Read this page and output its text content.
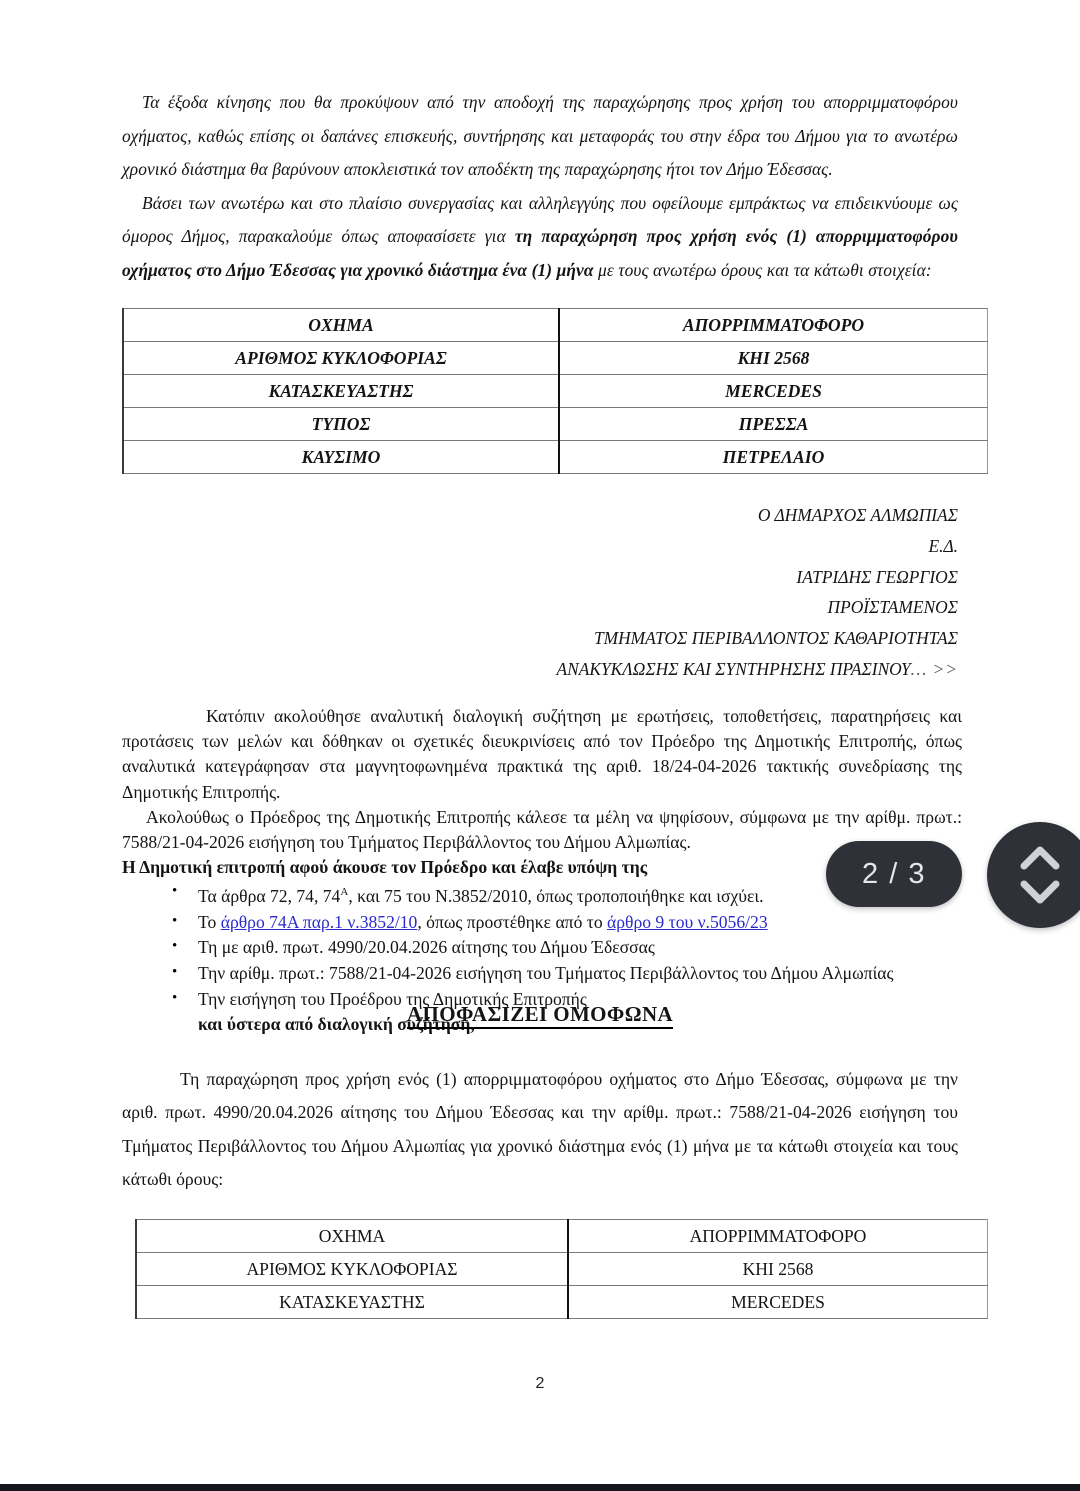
Τα έξοδα κίνησης που θα προκύψουν από την αποδοχή της παραχώρησης προς χρήση του απορριμματοφόρου οχήματος, καθώς επίσης οι δαπάνες επισκευής, συντήρησης και μεταφοράς του στην έδρα του Δήμου για το ανωτέρω χρονικό διάστημα θα βαρύνουν αποκλειστικά τον αποδέκτη της παραχώρησης ήτοι τον Δήμο Έδεσσας.

Βάσει των ανωτέρω και στο πλαίσιο συνεργασίας και αλληλεγγύης που οφείλουμε εμπράκτως να επιδεικνύουμε ως όμορος Δήμος, παρακαλούμε όπως αποφασίσετε για τη παραχώρηση προς χρήση ενός (1) απορριμματοφόρου οχήματος στο Δήμο Έδεσσας για χρονικό διάστημα ένα (1) μήνα με τους ανωτέρω όρους και τα κάτωθι στοιχεία:

ΟΧΗΜΑ	ΑΠΟΡΡΙΜΜΑΤΟΦΟΡΟ
ΑΡΙΘΜΟΣ ΚΥΚΛΟΦΟΡΙΑΣ	ΚΗΙ 2568
ΚΑΤΑΣΚΕΥΑΣΤΗΣ	MERCEDES
ΤΥΠΟΣ	ΠΡΕΣΣΑ
ΚΑΥΣΙΜΟ	ΠΕΤΡΕΛΑΙΟ
Ο ΔΗΜΑΡΧΟΣ ΑΛΜΩΠΙΑΣ
Ε.Δ.
ΙΑΤΡΙΔΗΣ ΓΕΩΡΓΙΟΣ
ΠΡΟΪΣΤΑΜΕΝΟΣ
ΤΜΗΜΑΤΟΣ ΠΕΡΙΒΑΛΛΟΝΤΟΣ ΚΑΘΑΡΙΟΤΗΤΑΣ
ΑΝΑΚΥΚΛΩΣΗΣ ΚΑΙ ΣΥΝΤΗΡΗΣΗΣ ΠΡΑΣΙΝΟΥ… >>

Κατόπιν ακολούθησε αναλυτική διαλογική συζήτηση με ερωτήσεις, τοποθετήσεις, παρατηρήσεις και προτάσεις των μελών και δόθηκαν οι σχετικές διευκρινίσεις από τον Πρόεδρο της Δημοτικής Επιτροπής, όπως αναλυτικά κατεγράφησαν στα μαγνητοφωνημένα πρακτικά της αριθ. 18/24-04-2026 τακτικής συνεδρίασης της Δημοτικής Επιτροπής.

Ακολούθως ο Πρόεδρος της Δημοτικής Επιτροπής κάλεσε τα μέλη να ψηφίσουν, σύμφωνα με την αρίθμ. πρωτ.: 7588/21-04-2026 εισήγηση του Τμήματος Περιβάλλοντος του Δήμου Αλμωπίας.

Η Δημοτική επιτροπή αφού άκουσε τον Πρόεδρο και έλαβε υπόψη της

• Τα άρθρα 72, 74, $74^A$, και 75 του Ν.3852/2010, όπως τροποποιήθηκε και ισχύει.
• Το άρθρο 74Α παρ.1 ν.3852/10, όπως προστέθηκε από το άρθρο 9 του ν.5056/23
• Τη με αριθ. πρωτ. 4990/20.04.2026 αίτησης του Δήμου Έδεσσας
• Την αρίθμ. πρωτ.: 7588/21-04-2026 εισήγηση του Τμήματος Περιβάλλοντος του Δήμου Αλμωπίας
• Την εισήγηση του Προέδρου της Δημοτικής Επιτροπής
και ύστερα από διαλογική συζήτηση,
ΑΠΟΦΑΣΙΖΕΙ ΟΜΟΦΩΝΑ

Τη παραχώρηση προς χρήση ενός (1) απορριμματοφόρου οχήματος στο Δήμο Έδεσσας, σύμφωνα με την αριθ. πρωτ. 4990/20.04.2026 αίτησης του Δήμου Έδεσσας και την αρίθμ. πρωτ.: 7588/21-04-2026 εισήγηση του Τμήματος Περιβάλλοντος του Δήμου Αλμωπίας για χρονικό διάστημα ενός (1) μήνα με τα κάτωθι στοιχεία και τους κάτωθι όρους:

ΟΧΗΜΑ	ΑΠΟΡΡΙΜΜΑΤΟΦΟΡΟ
ΑΡΙΘΜΟΣ ΚΥΚΛΟΦΟΡΙΑΣ	ΚΗΙ 2568
ΚΑΤΑΣΚΕΥΑΣΤΗΣ	MERCEDES
2
2 / 3
